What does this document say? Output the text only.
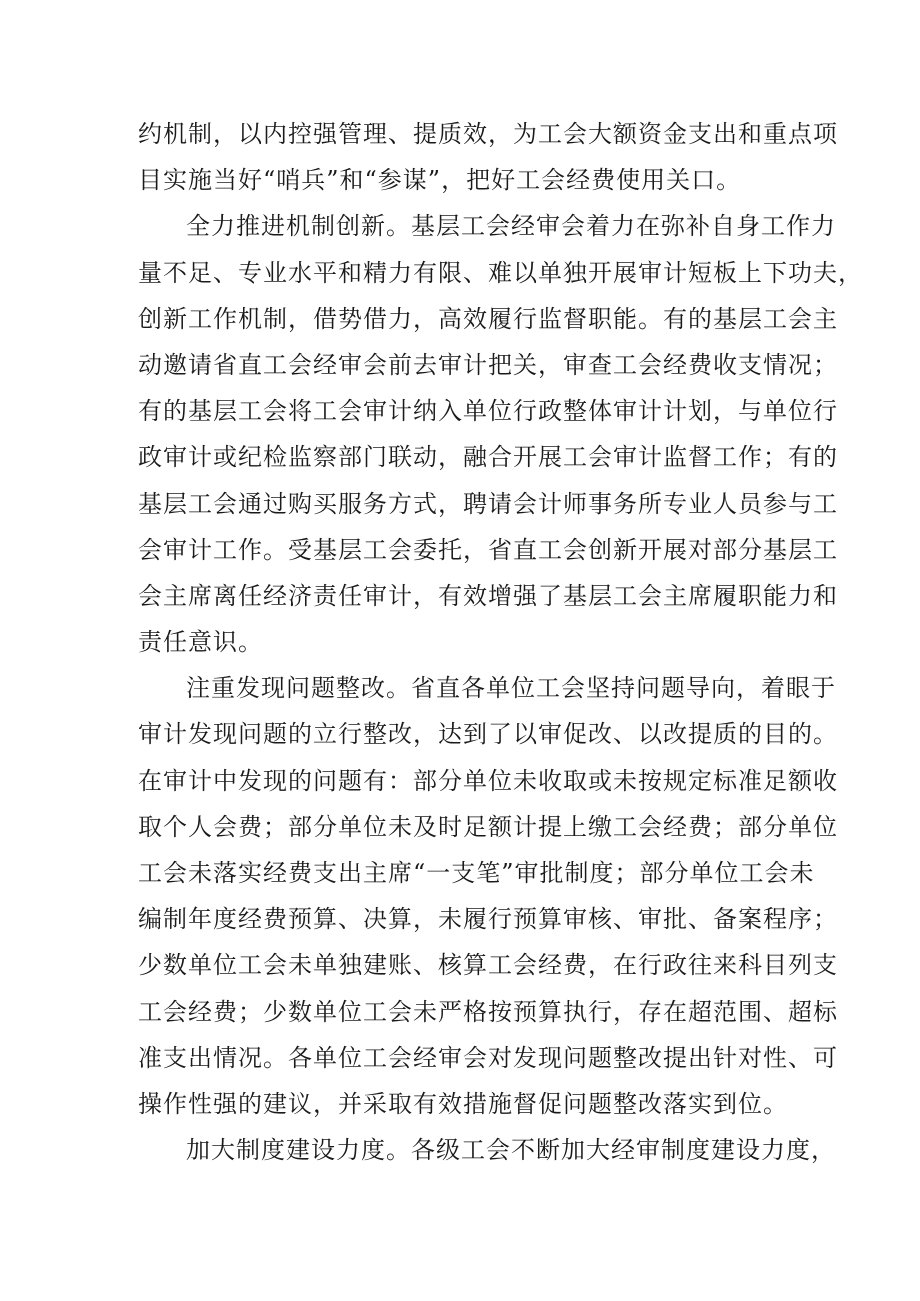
约机制，以内控强管理、提质效，为工会大额资金支出和重点项
目实施当好“哨兵”和“参谋”，把好工会经费使用关口。
全力推进机制创新。基层工会经审会着力在弥补自身工作力
量不足、专业水平和精力有限、难以单独开展审计短板上下功夫，
创新工作机制，借势借力，高效履行监督职能。有的基层工会主
动邀请省直工会经审会前去审计把关，审查工会经费收支情况；
有的基层工会将工会审计纳入单位行政整体审计计划，与单位行
政审计或纪检监察部门联动，融合开展工会审计监督工作；有的
基层工会通过购买服务方式，聘请会计师事务所专业人员参与工
会审计工作。受基层工会委托，省直工会创新开展对部分基层工
会主席离任经济责任审计，有效增强了基层工会主席履职能力和
责任意识。
注重发现问题整改。省直各单位工会坚持问题导向，着眼于
审计发现问题的立行整改，达到了以审促改、以改提质的目的。
在审计中发现的问题有：部分单位未收取或未按规定标准足额收
取个人会费；部分单位未及时足额计提上缴工会经费；部分单位
工会未落实经费支出主席“一支笔”审批制度；部分单位工会未
编制年度经费预算、决算，未履行预算审核、审批、备案程序；
少数单位工会未单独建账、核算工会经费，在行政往来科目列支
工会经费；少数单位工会未严格按预算执行，存在超范围、超标
准支出情况。各单位工会经审会对发现问题整改提出针对性、可
操作性强的建议，并采取有效措施督促问题整改落实到位。
加大制度建设力度。各级工会不断加大经审制度建设力度，
